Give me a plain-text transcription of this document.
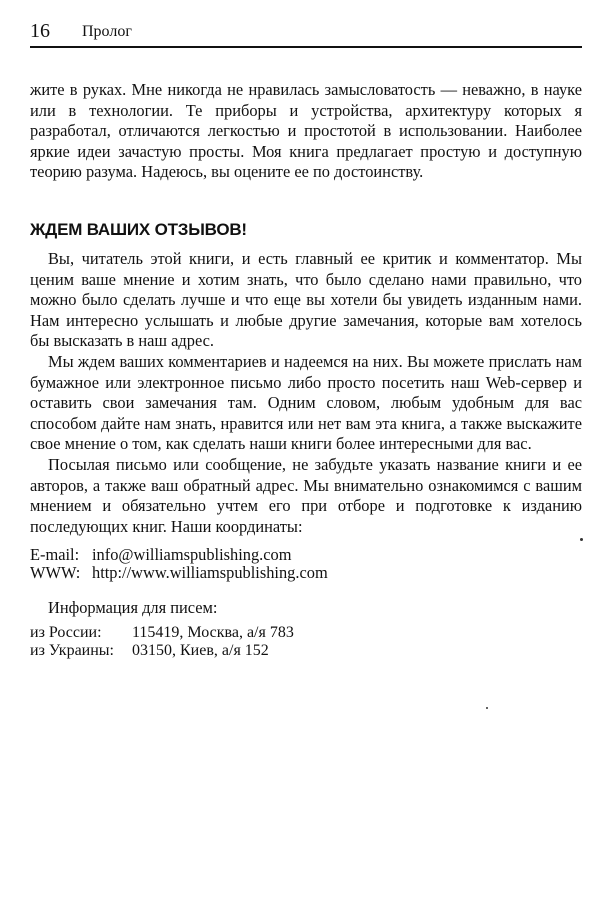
16 Пролог

жите в руках. Мне никогда не нравилась замысловатость — неважно, в науке или в технологии. Те приборы и устройства, архитектуру которых я разработал, отличаются легкостью и простотой в использовании. Наиболее яркие идеи зачастую просты. Моя книга предлагает простую и доступную теорию разума. Надеюсь, вы оцените ее по достоинству.

ЖДЕМ ВАШИХ ОТЗЫВОВ!

Вы, читатель этой книги, и есть главный ее критик и комментатор. Мы ценим ваше мнение и хотим знать, что было сделано нами правильно, что можно было сделать лучше и что еще вы хотели бы увидеть изданным нами. Нам интересно услышать и любые другие замечания, которые вам хотелось бы высказать в наш адрес.

Мы ждем ваших комментариев и надеемся на них. Вы можете прислать нам бумажное или электронное письмо либо просто посетить наш Web-сервер и оставить свои замечания там. Одним словом, любым удобным для вас способом дайте нам знать, нравится или нет вам эта книга, а также выскажите свое мнение о том, как сделать наши книги более интересными для вас.

Посылая письмо или сообщение, не забудьте указать название книги и ее авторов, а также ваш обратный адрес. Мы внимательно ознакомимся с вашим мнением и обязательно учтем его при отборе и подготовке к изданию последующих книг. Наши координаты:

E-mail: info@williamspublishing.com
WWW: http://www.williamspublishing.com
Информация для писем:
из России: 115419, Москва, а/я 783
из Украины: 03150, Киев, а/я 152
